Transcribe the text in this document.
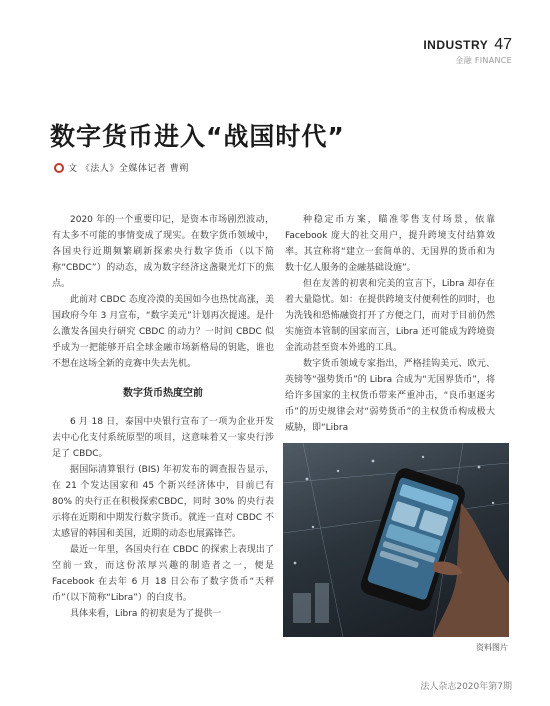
INDUSTRY 47
金融 FINANCE
数字货币进入“战国时代”
文 《法人》全媒体记者 曹朔

2020 年的一个重要印记，是资本市场剧烈波动，有太多不可能的事情变成了现实。在数字货币领域中，各国央行近期频繁刷新探索央行数字货币（以下简称“CBDC”）的动态，成为数字经济这盏聚光灯下的焦点。

此前对 CBDC 态度冷漠的美国如今也热忱高涨，美国政府今年 3 月宣布，“数字美元”计划再次提速。是什么激发各国央行研究 CBDC 的动力？一时间 CBDC 似乎成为一把能够开启全球金融市场新格局的钥匙，谁也不想在这场全新的竞赛中失去先机。

数字货币热度空前

6 月 18 日，泰国中央银行宣布了一项为企业开发去中心化支付系统原型的项目，这意味着又一家央行涉足了 CBDC。

据国际清算银行 (BIS) 年初发布的调查报告显示，在 21 个发达国家和 45 个新兴经济体中，目前已有 80% 的央行正在积极探索CBDC，同时 30% 的央行表示将在近期和中期发行数字货币。就连一直对 CBDC 不太感冒的韩国和美国，近期的动态也展露锋芒。

最近一年里，各国央行在 CBDC 的探索上表现出了空前一致，而这份浓厚兴趣的制造者之一，便是 Facebook 在去年 6 月 18 日公布了数字货币“天秤币”（以下简称“Libra”）的白皮书。

具体来看，Libra 的初衷是为了提供一

种稳定币方案，瞄准零售支付场景，依靠Facebook 庞大的社交用户，提升跨境支付结算效率。其宣称将“建立一套简单的、无国界的货币和为数十亿人服务的金融基础设施”。

但在友善的初衷和完美的宣言下，Libra 却存在着大量隐忧。如：在提供跨境支付便利性的同时，也为洗钱和恐怖融资打开了方便之门，而对于目前仍然实施资本管制的国家而言，Libra 还可能成为跨境资金流动甚至资本外逃的工具。

数字货币领域专家指出，严格挂钩美元、欧元、英镑等“强势货币”的 Libra 合成为“无国界货币”，将给许多国家的主权货币带来严重冲击，“良币驱逐劣币”的历史规律会对“弱势货币”的主权货币构成极大威胁，即“Libra

资料图片
法人杂志2020年第7期
